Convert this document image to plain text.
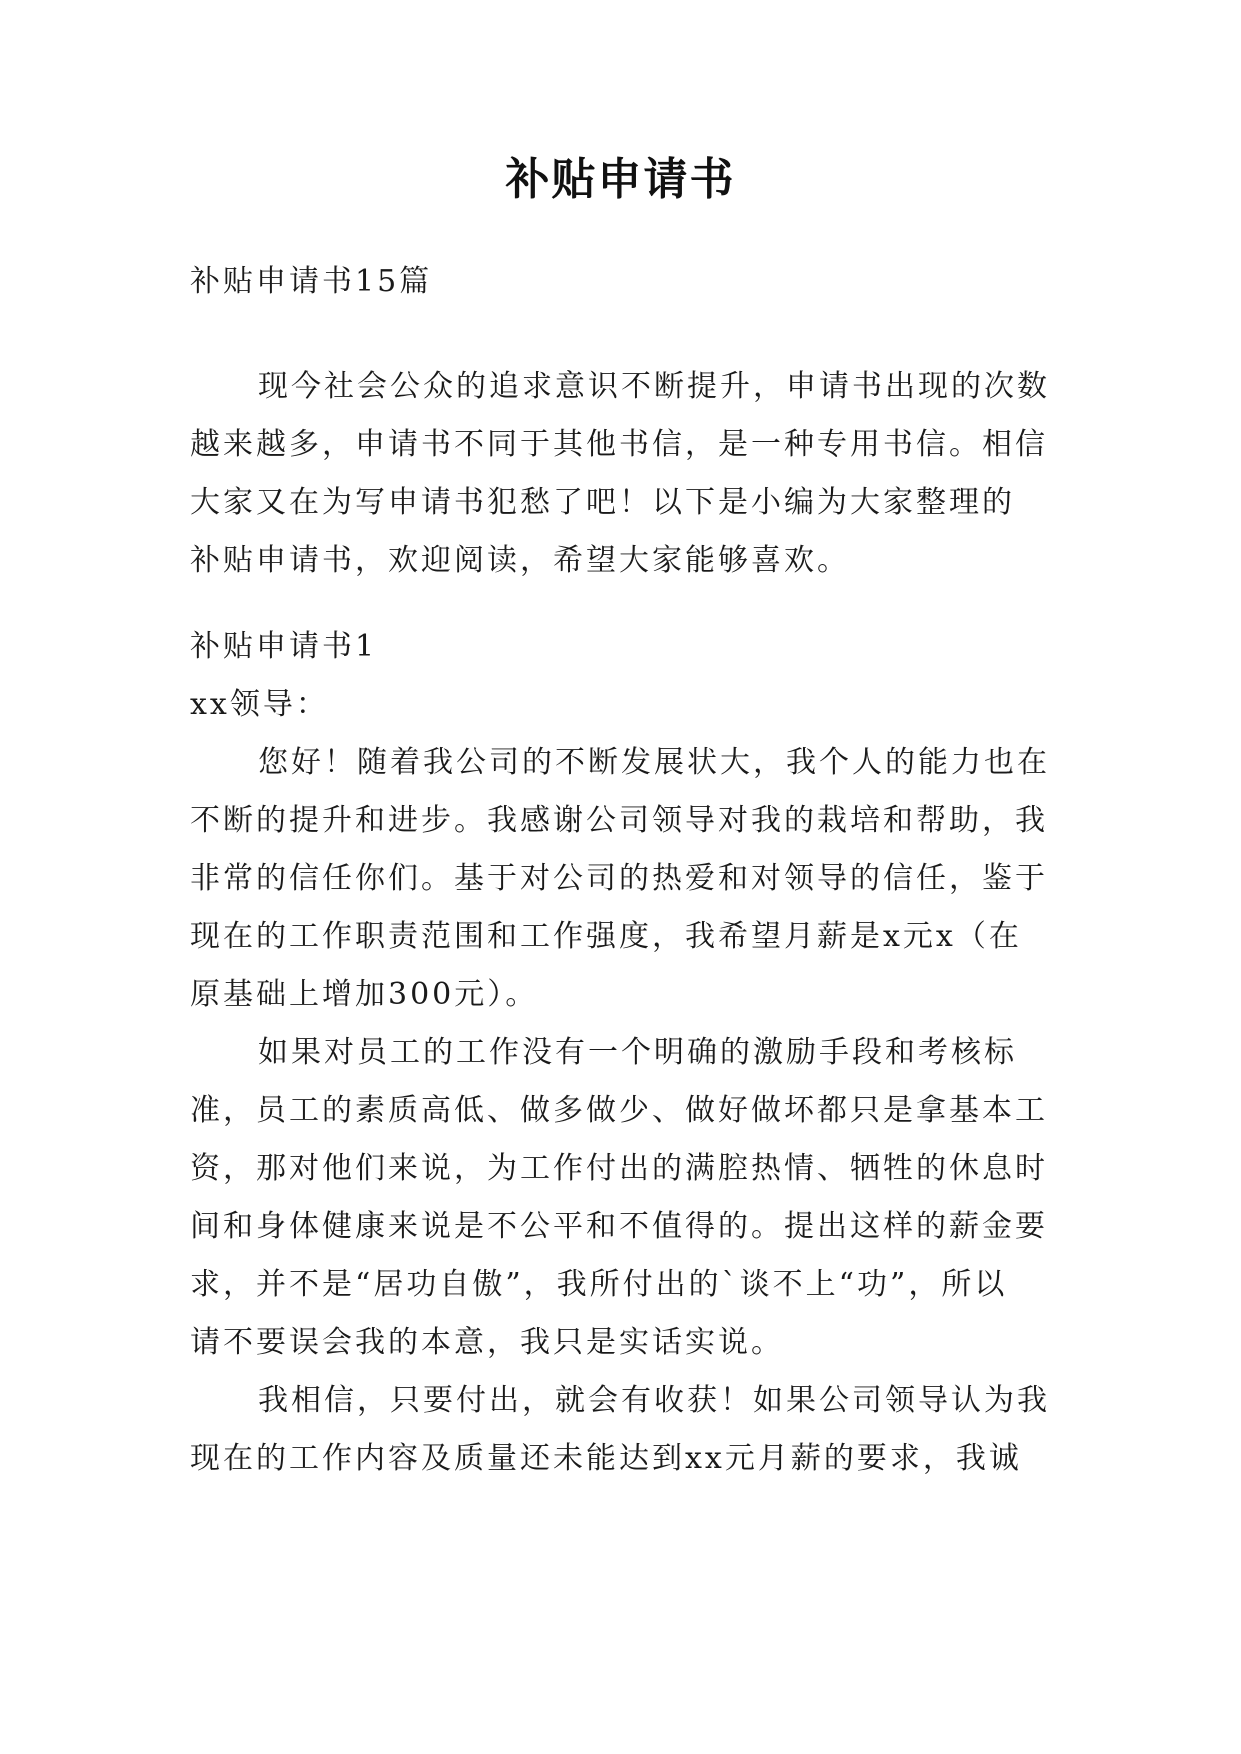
补贴申请书
补贴申请书15篇
现今社会公众的追求意识不断提升，申请书出现的次数
越来越多，申请书不同于其他书信，是一种专用书信。相信
大家又在为写申请书犯愁了吧！以下是小编为大家整理的
补贴申请书，欢迎阅读，希望大家能够喜欢。
补贴申请书1
xx领导：
您好！随着我公司的不断发展状大，我个人的能力也在
不断的提升和进步。我感谢公司领导对我的栽培和帮助，我
非常的信任你们。基于对公司的热爱和对领导的信任，鉴于
现在的工作职责范围和工作强度，我希望月薪是x元x（在
原基础上增加300元）。
如果对员工的工作没有一个明确的激励手段和考核标
准，员工的素质高低、做多做少、做好做坏都只是拿基本工
资，那对他们来说，为工作付出的满腔热情、牺牲的休息时
间和身体健康来说是不公平和不值得的。提出这样的薪金要
求，并不是“居功自傲”，我所付出的`谈不上“功”，所以
请不要误会我的本意，我只是实话实说。
我相信，只要付出，就会有收获！如果公司领导认为我
现在的工作内容及质量还未能达到xx元月薪的要求，我诚
